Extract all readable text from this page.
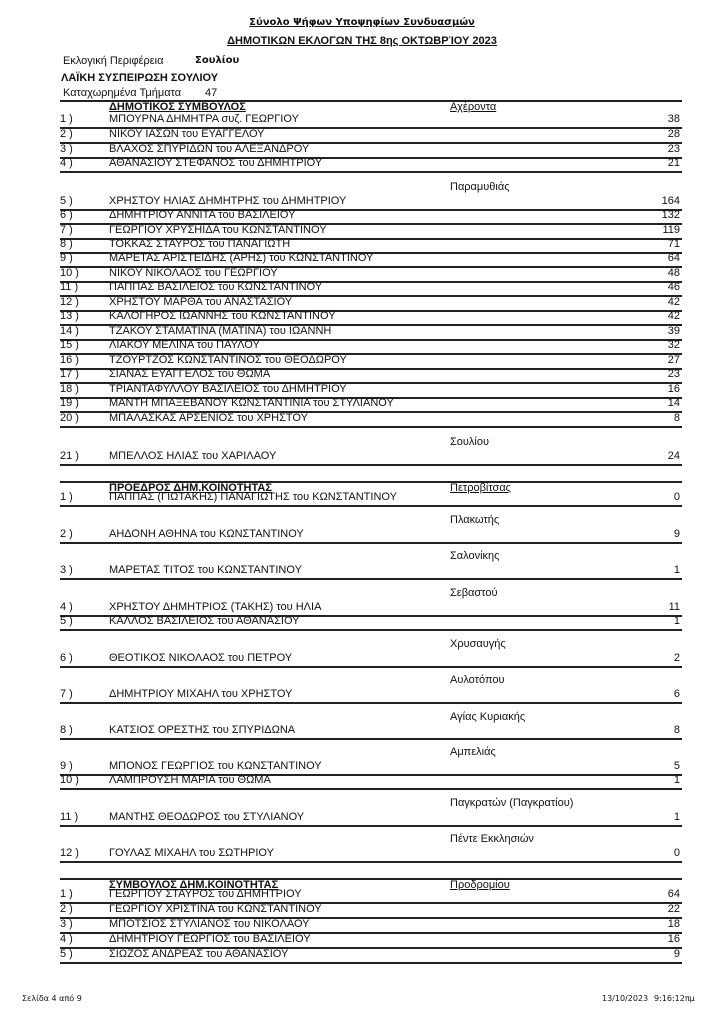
Σύνολο Ψήφων Υποψηφίων Συνδυασμών
ΔΗΜΟΤΙΚΩΝ ΕΚΛΟΓΩΝ ΤΗΣ 8ης ΟΚΤΩΒΡΊΟΥ 2023
Εκλογική Περιφέρεια	Σουλίου
ΛΑΪΚΗ ΣΥΣΠΕΙΡΩΣΗ ΣΟΥΛΙΟΥ
Καταχωρημένα Τμήματα 47
ΔΗΜΟΤΙΚΟΣ ΣΥΜΒΟΥΛΟΣ	Αχέροντα
1 )	ΜΠΟΥΡΝΑ ΔΗΜΗΤΡΑ συζ. ΓΕΩΡΓΙΟΥ	38
2 )	ΝΙΚΟΥ ΙΑΣΩΝ του ΕΥΑΓΓΕΛΟΥ	28
3 )	ΒΛΑΧΟΣ ΣΠΥΡΙΔΩΝ του ΑΛΕΞΑΝΔΡΟΥ	23
4 )	ΑΘΑΝΑΣΙΟΥ ΣΤΕΦΑΝΟΣ του ΔΗΜΗΤΡΙΟΥ	21
Παραμυθιάς
5 )	ΧΡΗΣΤΟΥ ΗΛΙΑΣ ΔΗΜΗΤΡΗΣ του ΔΗΜΗΤΡΙΟΥ	164
6 )	ΔΗΜΗΤΡΙΟΥ ΑΝΝΙΤΑ του ΒΑΣΙΛΕΙΟΥ	132
7 )	ΓΕΩΡΓΙΟΥ ΧΡΥΣΗΙΔΑ του ΚΩΝΣΤΑΝΤΙΝΟΥ	119
8 )	ΤΟΚΚΑΣ ΣΤΑΥΡΟΣ του ΠΑΝΑΓΙΩΤΗ	71
9 )	ΜΑΡΕΤΑΣ ΑΡΙΣΤΕΙΔΗΣ (ΑΡΗΣ) του ΚΩΝΣΤΑΝΤΙΝΟΥ	64
10 )	ΝΙΚΟΥ ΝΙΚΟΛΑΟΣ του ΓΕΩΡΓΙΟΥ	48
11 )	ΠΑΠΠΑΣ ΒΑΣΙΛΕΙΟΣ του ΚΩΝΣΤΑΝΤΙΝΟΥ	46
12 )	ΧΡΗΣΤΟΥ ΜΑΡΘΑ του ΑΝΑΣΤΑΣΙΟΥ	42
13 )	ΚΑΛΟΓΗΡΟΣ ΙΩΑΝΝΗΣ του ΚΩΝΣΤΑΝΤΙΝΟΥ	42
14 )	ΤΖΑΚΟΥ ΣΤΑΜΑΤΙΝΑ (ΜΑΤΙΝΑ) του ΙΩΑΝΝΗ	39
15 )	ΛΙΑΚΟΥ ΜΕΛΙΝΑ του ΠΑΥΛΟΥ	32
16 )	ΤΖΟΥΡΤΖΟΣ ΚΩΝΣΤΑΝΤΙΝΟΣ του ΘΕΟΔΩΡΟΥ	27
17 )	ΣΙΑΝΑΣ ΕΥΑΓΓΕΛΟΣ του ΘΩΜΑ	23
18 )	ΤΡΙΑΝΤΑΦΥΛΛΟΥ ΒΑΣΙΛΕΙΟΣ του ΔΗΜΗΤΡΙΟΥ	16
19 )	ΜΑΝΤΗ ΜΠΑΞΕΒΑΝΟΥ ΚΩΝΣΤΑΝΤΙΝΙΑ του ΣΤΥΛΙΑΝΟΥ	14
20 )	ΜΠΑΛΑΣΚΑΣ ΑΡΣΕΝΙΟΣ του ΧΡΗΣΤΟΥ	8
Σουλίου
21 )	ΜΠΕΛΛΟΣ ΗΛΙΑΣ του ΧΑΡΙΛΑΟΥ	24
ΠΡΟΕΔΡΟΣ ΔΗΜ.ΚΟΙΝΟΤΗΤΑΣ	Πετροβίτσας
1 )	ΠΑΠΠΑΣ (ΓΙΩΤΑΚΗΣ) ΠΑΝΑΓΙΩΤΗΣ του ΚΩΝΣΤΑΝΤΙΝΟΥ	0
Πλακωτής
2 )	ΑΗΔΟΝΗ ΑΘΗΝΑ του ΚΩΝΣΤΑΝΤΙΝΟΥ	9
Σαλονίκης
3 )	ΜΑΡΕΤΑΣ ΤΙΤΟΣ του ΚΩΝΣΤΑΝΤΙΝΟΥ	1
Σεβαστού
4 )	ΧΡΗΣΤΟΥ ΔΗΜΗΤΡΙΟΣ (ΤΑΚΗΣ) του ΗΛΙΑ	11
5 )	ΚΑΛΛΟΣ ΒΑΣΙΛΕΙΟΣ του ΑΘΑΝΑΣΙΟΥ	1
Χρυσαυγής
6 )	ΘΕΟΤΙΚΟΣ ΝΙΚΟΛΑΟΣ του ΠΕΤΡΟΥ	2
Αυλοτόπου
7 )	ΔΗΜΗΤΡΙΟΥ ΜΙΧΑΗΛ του ΧΡΗΣΤΟΥ	6
Αγίας Κυριακής
8 )	ΚΑΤΣΙΟΣ ΟΡΕΣΤΗΣ του ΣΠΥΡΙΔΩΝΑ	8
Αμπελιάς
9 )	ΜΠΟΝΟΣ ΓΕΩΡΓΙΟΣ του ΚΩΝΣΤΑΝΤΙΝΟΥ	5
10 )	ΛΑΜΠΡΟΥΣΗ ΜΑΡΙΑ του ΘΩΜΑ	1
Παγκρατών (Παγκρατίου)
11 )	ΜΑΝΤΗΣ ΘΕΟΔΩΡΟΣ του ΣΤΥΛΙΑΝΟΥ	1
Πέντε Εκκλησιών
12 )	ΓΟΥΛΑΣ ΜΙΧΑΗΛ του ΣΩΤΗΡΙΟΥ	0
ΣΥΜΒΟΥΛΟΣ ΔΗΜ.ΚΟΙΝΟΤΗΤΑΣ	Προδρομίου
1 )	ΓΕΩΡΓΙΟΥ ΣΤΑΥΡΟΣ του ΔΗΜΗΤΡΙΟΥ	64
2 )	ΓΕΩΡΓΙΟΥ ΧΡΙΣΤΙΝΑ του ΚΩΝΣΤΑΝΤΙΝΟΥ	22
3 )	ΜΠΟΤΣΙΟΣ ΣΤΥΛΙΑΝΟΣ του ΝΙΚΟΛΑΟΥ	18
4 )	ΔΗΜΗΤΡΙΟΥ ΓΕΩΡΓΙΟΣ του ΒΑΣΙΛΕΙΟΥ	16
5 )	ΣΙΩΖΟΣ ΑΝΔΡΕΑΣ του ΑΘΑΝΑΣΙΟΥ	9
Σελίδα 4 από 9	13/10/2023 9:16:12πμ
